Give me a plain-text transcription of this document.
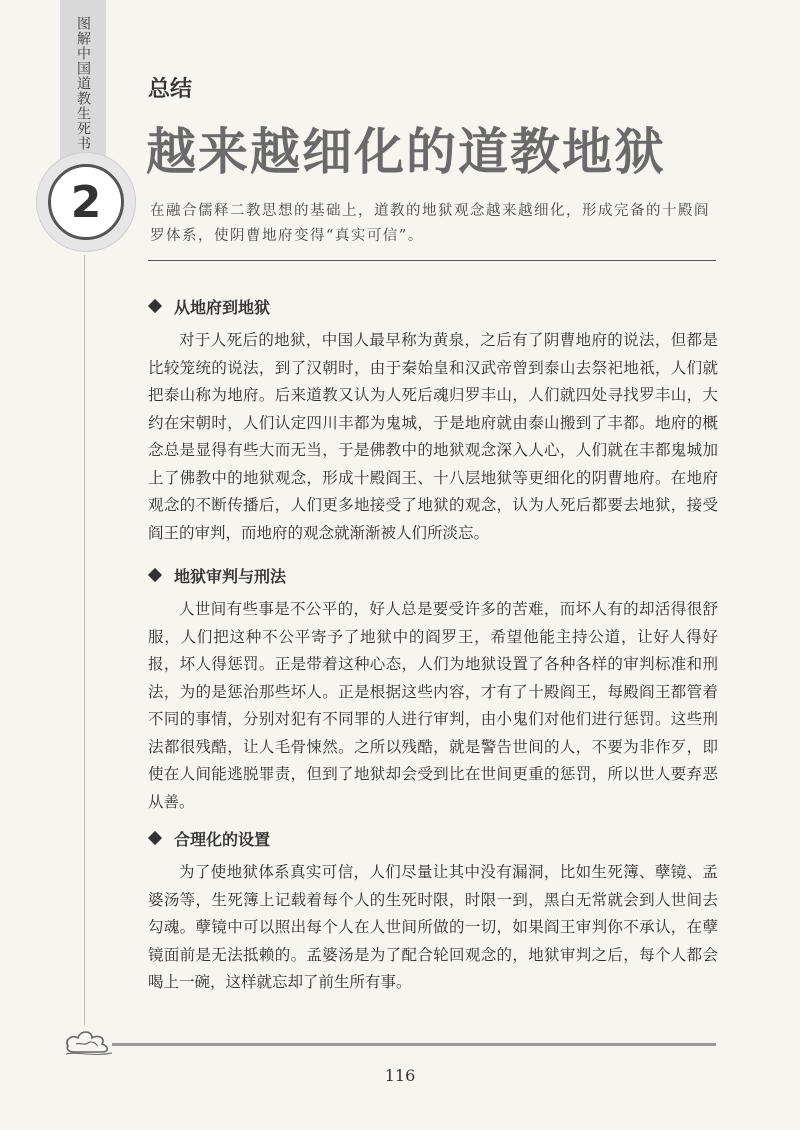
图解中国道教生死书
2
总结
越来越细化的道教地狱
在融合儒释二教思想的基础上，道教的地狱观念越来越细化，形成完备的十殿阎罗体系，使阴曹地府变得“真实可信”。
从地府到地狱

对于人死后的地狱，中国人最早称为黄泉，之后有了阴曹地府的说法，但都是比较笼统的说法，到了汉朝时，由于秦始皇和汉武帝曾到泰山去祭祀地祇，人们就把泰山称为地府。后来道教又认为人死后魂归罗丰山，人们就四处寻找罗丰山，大约在宋朝时，人们认定四川丰都为鬼城，于是地府就由泰山搬到了丰都。地府的概念总是显得有些大而无当，于是佛教中的地狱观念深入人心，人们就在丰都鬼城加上了佛教中的地狱观念，形成十殿阎王、十八层地狱等更细化的阴曹地府。在地府观念的不断传播后，人们更多地接受了地狱的观念，认为人死后都要去地狱，接受阎王的审判，而地府的观念就渐渐被人们所淡忘。

地狱审判与刑法

人世间有些事是不公平的，好人总是要受许多的苦难，而坏人有的却活得很舒服，人们把这种不公平寄予了地狱中的阎罗王，希望他能主持公道，让好人得好报，坏人得惩罚。正是带着这种心态，人们为地狱设置了各种各样的审判标准和刑法，为的是惩治那些坏人。正是根据这些内容，才有了十殿阎王，每殿阎王都管着不同的事情，分别对犯有不同罪的人进行审判，由小鬼们对他们进行惩罚。这些刑法都很残酷，让人毛骨悚然。之所以残酷，就是警告世间的人，不要为非作歹，即使在人间能逃脱罪责，但到了地狱却会受到比在世间更重的惩罚，所以世人要弃恶从善。

合理化的设置

为了使地狱体系真实可信，人们尽量让其中没有漏洞，比如生死簿、孽镜、孟婆汤等，生死簿上记载着每个人的生死时限，时限一到，黑白无常就会到人世间去勾魂。孽镜中可以照出每个人在人世间所做的一切，如果阎王审判你不承认，在孽镜面前是无法抵赖的。孟婆汤是为了配合轮回观念的，地狱审判之后，每个人都会喝上一碗，这样就忘却了前生所有事。

116
